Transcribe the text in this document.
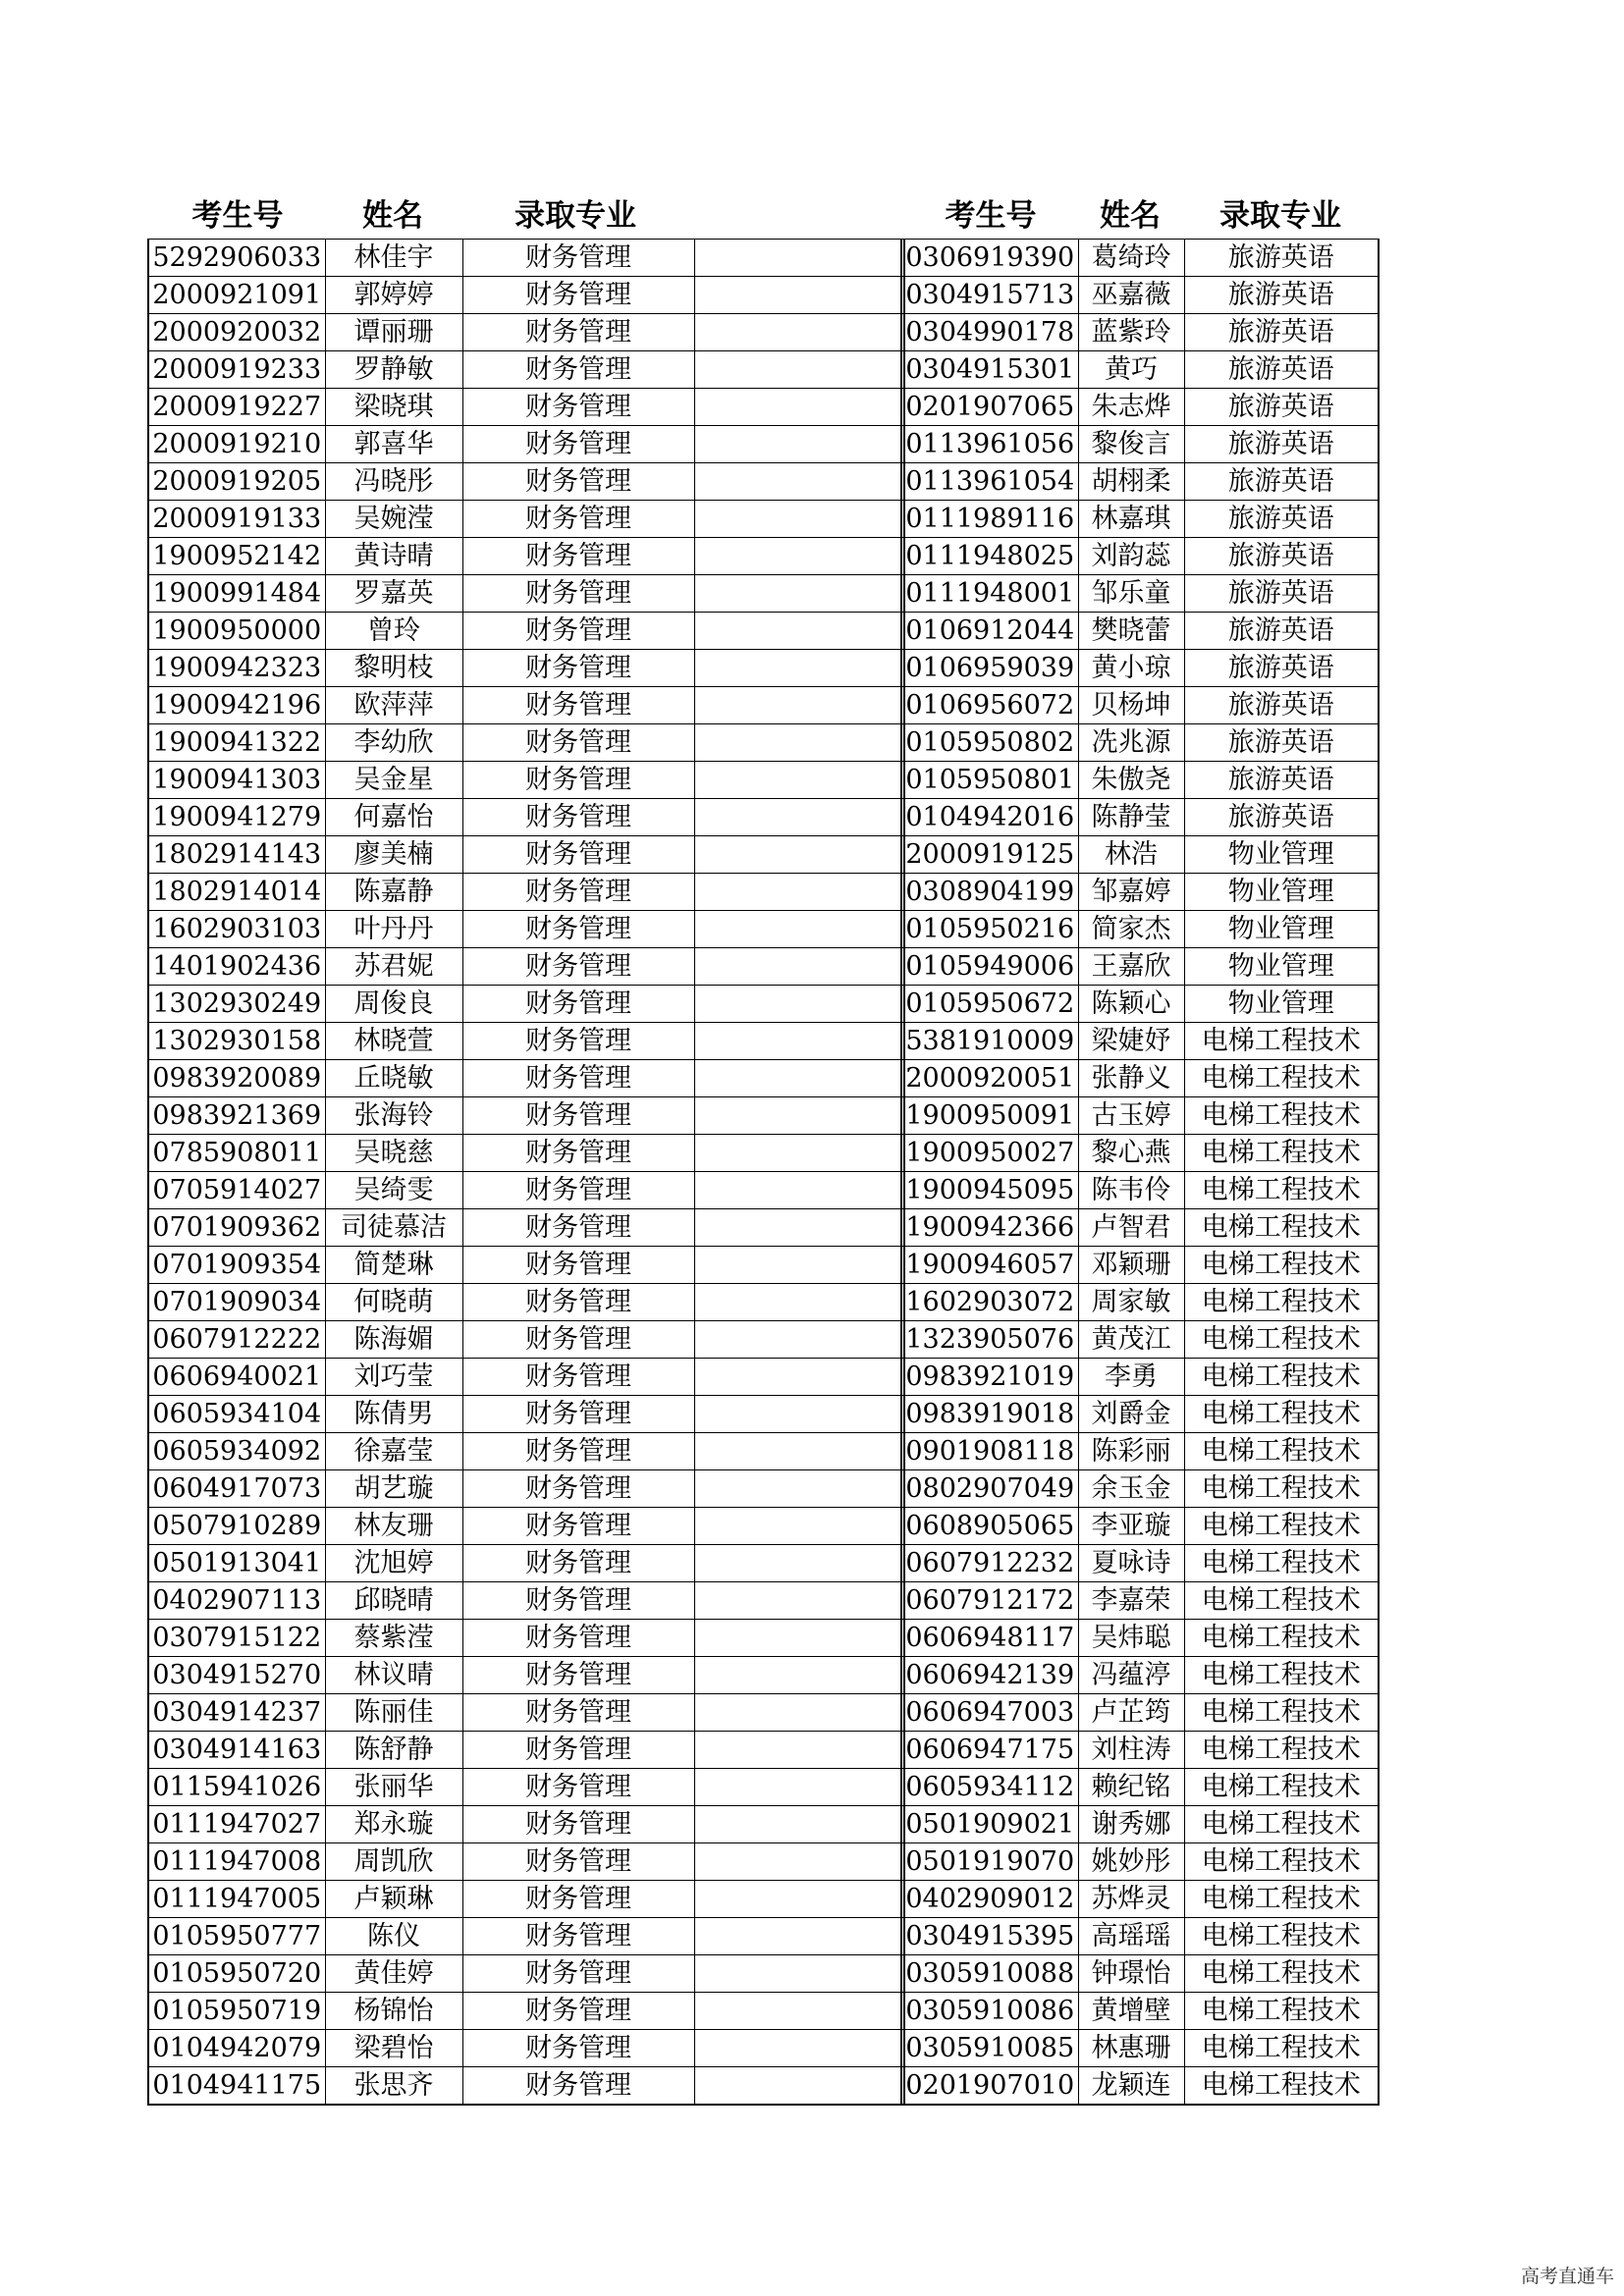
考生号	姓名	录取专业	考生号	姓名	录取专业
5292906033	林佳宇	财务管理	
2000921091	郭婷婷	财务管理	
2000920032	谭丽珊	财务管理	
2000919233	罗静敏	财务管理	
2000919227	梁晓琪	财务管理	
2000919210	郭喜华	财务管理	
2000919205	冯晓彤	财务管理	
2000919133	吴婉滢	财务管理	
1900952142	黄诗晴	财务管理	
1900991484	罗嘉英	财务管理	
1900950000	曾玲	财务管理	
1900942323	黎明枝	财务管理	
1900942196	欧萍萍	财务管理	
1900941322	李幼欣	财务管理	
1900941303	吴金星	财务管理	
1900941279	何嘉怡	财务管理	
1802914143	廖美楠	财务管理	
1802914014	陈嘉静	财务管理	
1602903103	叶丹丹	财务管理	
1401902436	苏君妮	财务管理	
1302930249	周俊良	财务管理	
1302930158	林晓萱	财务管理	
0983920089	丘晓敏	财务管理	
0983921369	张海铃	财务管理	
0785908011	吴晓慈	财务管理	
0705914027	吴绮雯	财务管理	
0701909362	司徒慕洁	财务管理	
0701909354	简楚琳	财务管理	
0701909034	何晓萌	财务管理	
0607912222	陈海媚	财务管理	
0606940021	刘巧莹	财务管理	
0605934104	陈倩男	财务管理	
0605934092	徐嘉莹	财务管理	
0604917073	胡艺璇	财务管理	
0507910289	林友珊	财务管理	
0501913041	沈旭婷	财务管理	
0402907113	邱晓晴	财务管理	
0307915122	蔡紫滢	财务管理	
0304915270	林议晴	财务管理	
0304914237	陈丽佳	财务管理	
0304914163	陈舒静	财务管理	
0115941026	张丽华	财务管理	
0111947027	郑永璇	财务管理	
0111947008	周凯欣	财务管理	
0111947005	卢颖琳	财务管理	
0105950777	陈仪	财务管理	
0105950720	黄佳婷	财务管理	
0105950719	杨锦怡	财务管理	
0104942079	梁碧怡	财务管理	
0104941175	张思齐	财务管理	
0306919390	葛绮玲	旅游英语
0304915713	巫嘉薇	旅游英语
0304990178	蓝紫玲	旅游英语
0304915301	黄巧	旅游英语
0201907065	朱志烨	旅游英语
0113961056	黎俊言	旅游英语
0113961054	胡栩柔	旅游英语
0111989116	林嘉琪	旅游英语
0111948025	刘韵蕊	旅游英语
0111948001	邹乐童	旅游英语
0106912044	樊晓蕾	旅游英语
0106959039	黄小琼	旅游英语
0106956072	贝杨坤	旅游英语
0105950802	冼兆源	旅游英语
0105950801	朱傲尧	旅游英语
0104942016	陈静莹	旅游英语
2000919125	林浩	物业管理
0308904199	邹嘉婷	物业管理
0105950216	简家杰	物业管理
0105949006	王嘉欣	物业管理
0105950672	陈颖心	物业管理
5381910009	梁婕妤	电梯工程技术
2000920051	张静义	电梯工程技术
1900950091	古玉婷	电梯工程技术
1900950027	黎心燕	电梯工程技术
1900945095	陈韦伶	电梯工程技术
1900942366	卢智君	电梯工程技术
1900946057	邓颖珊	电梯工程技术
1602903072	周家敏	电梯工程技术
1323905076	黄茂江	电梯工程技术
0983921019	李勇	电梯工程技术
0983919018	刘爵金	电梯工程技术
0901908118	陈彩丽	电梯工程技术
0802907049	余玉金	电梯工程技术
0608905065	李亚璇	电梯工程技术
0607912232	夏咏诗	电梯工程技术
0607912172	李嘉荣	电梯工程技术
0606948117	吴炜聪	电梯工程技术
0606942139	冯蕴渟	电梯工程技术
0606947003	卢芷筠	电梯工程技术
0606947175	刘柱涛	电梯工程技术
0605934112	赖纪铭	电梯工程技术
0501909021	谢秀娜	电梯工程技术
0501919070	姚妙彤	电梯工程技术
0402909012	苏烨灵	电梯工程技术
0304915395	高瑶瑶	电梯工程技术
0305910088	钟璟怡	电梯工程技术
0305910086	黄增壁	电梯工程技术
0305910085	林惠珊	电梯工程技术
0201907010	龙颖连	电梯工程技术
高考直通车
